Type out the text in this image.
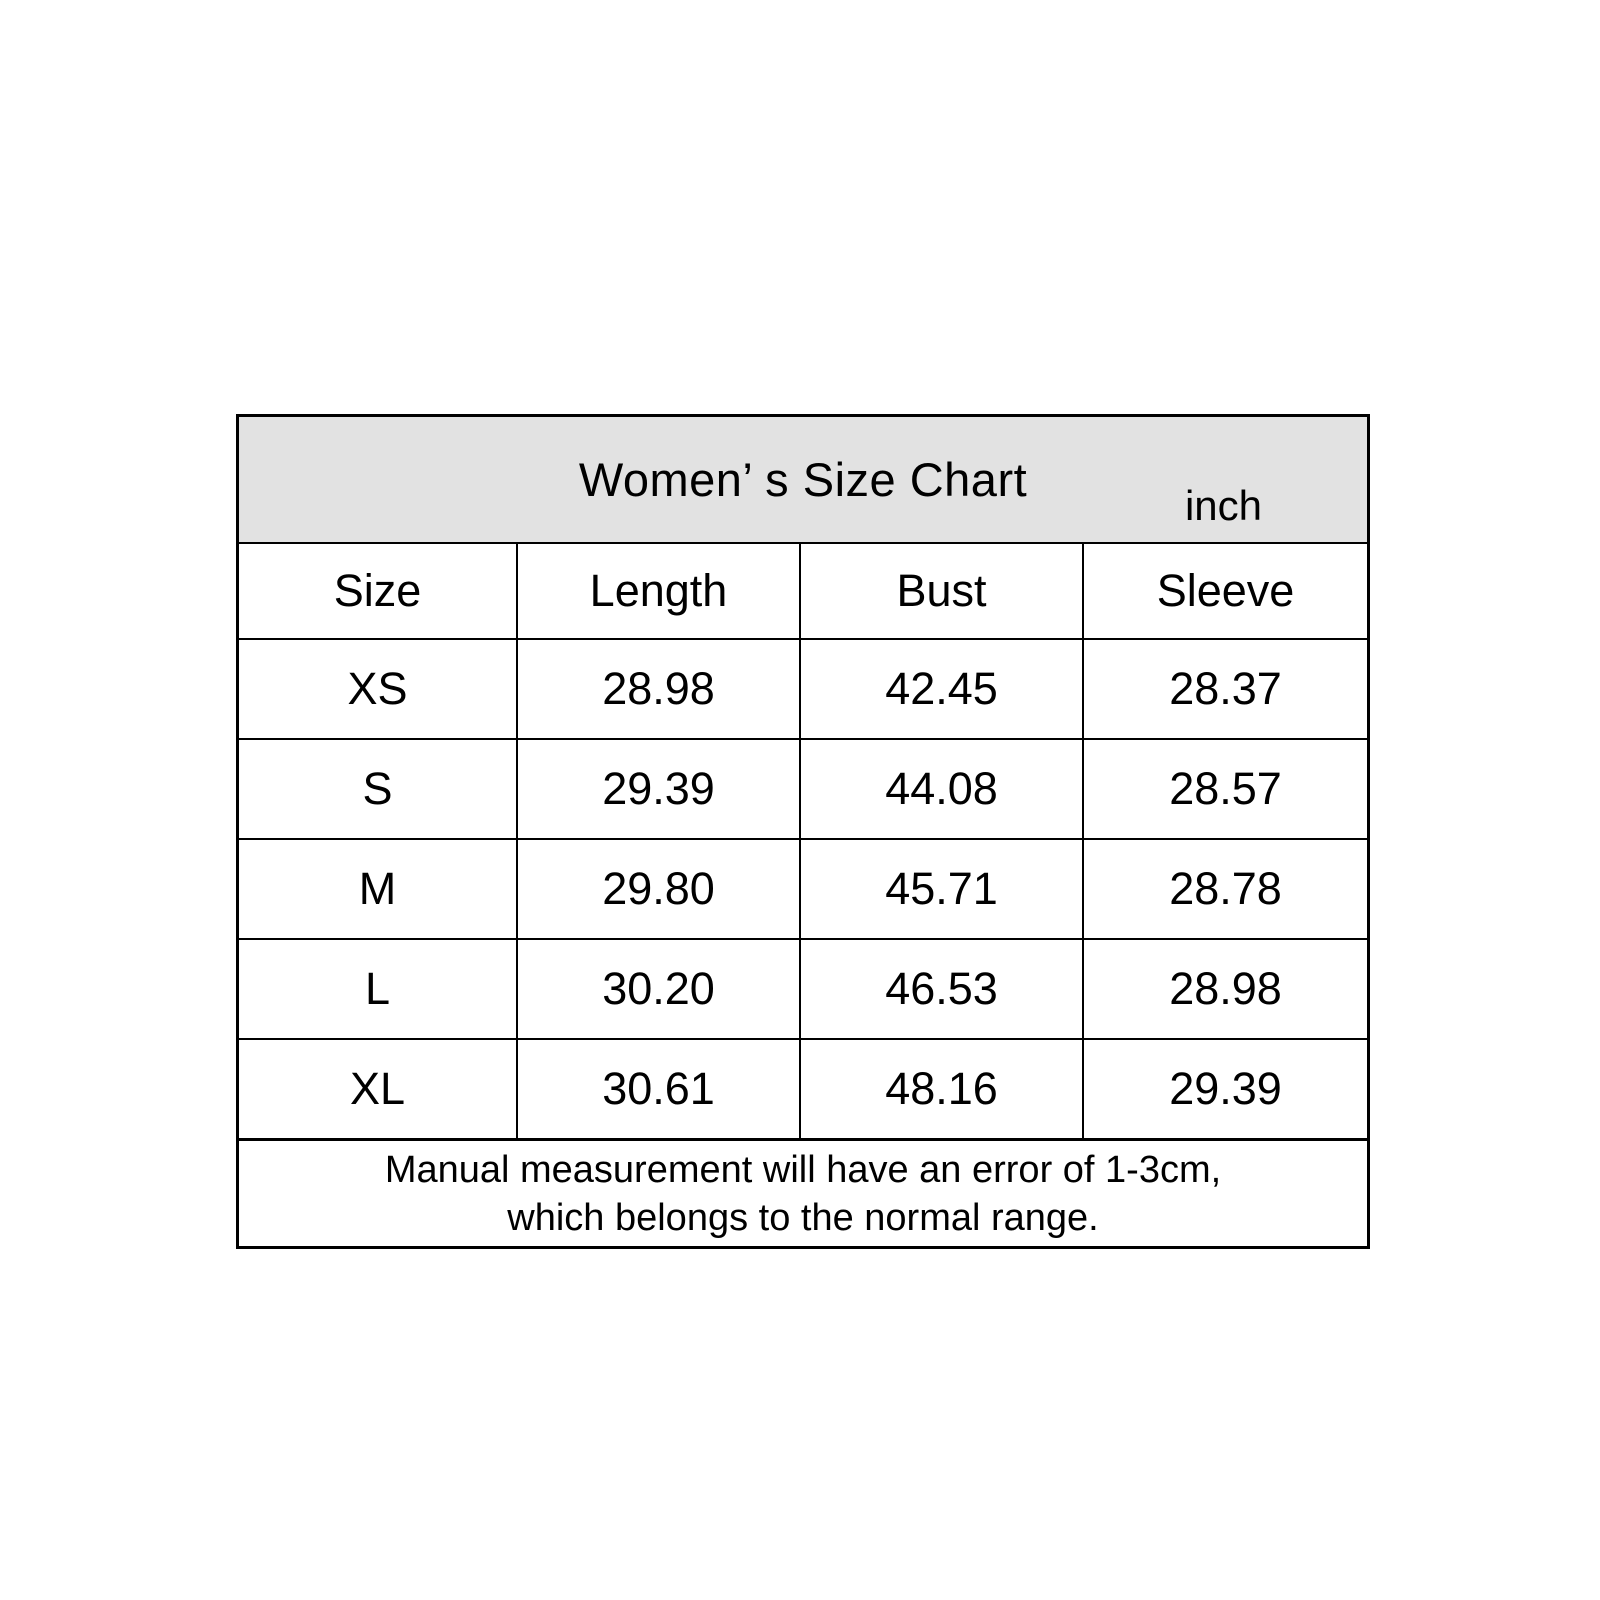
Women’ s Size Chart	inch
Size	Length	Bust	Sleeve
XS	28.98	42.45	28.37
S	29.39	44.08	28.57
M	29.80	45.71	28.78
L	30.20	46.53	28.98
XL	30.61	48.16	29.39
Manual measurement will have an error of 1-3cm,
which belongs to the normal range.
